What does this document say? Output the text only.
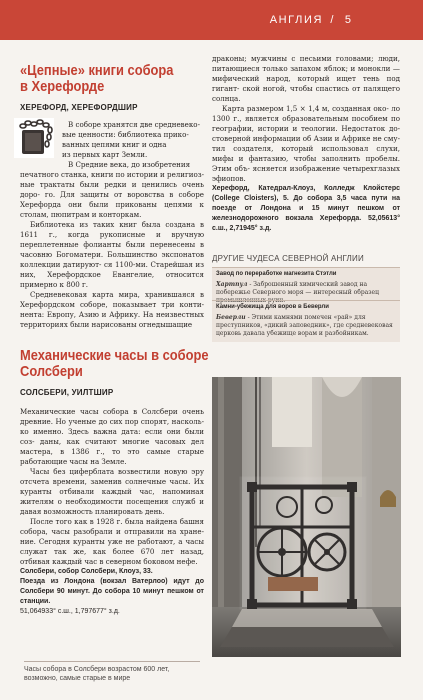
АНГЛИЯ / 5
«Цепные» книги собора
в Херефорде
ХЕРЕФОРД, ХЕРЕФОРДШИР
В соборе хранятся две средневеко-
вые ценности: библиотека прико-
ванных цепями книг и одна
из первых карт Земли.
В Средние века, до изобретения

печатного станка, книги по истории и религиоз- ные трактаты были редки и ценились очень доро- го. Для защиты от воровства в соборе Херефорда они были прикованы цепями к столам, пюпитрам и конторкам.

Библиотека из таких книг была создана в 1611 г., когда рукописные и вручную переплетенные фолианты были перенесены в часовню Богоматери. Большинство экспонатов коллекции датируют- ся 1100-ми. Старейшая из них, Херефордское Евангелие, относится примерно к 800 г.

Средневековая карта мира, хранившаяся в Херефордском соборе, показывает три конти- нента: Европу, Азию и Африку. На неизвестных территориях были нарисованы огнедышащие

драконы; мужчины с песьими головами; люди, питающиеся только запахом яблок; и монокли — мифический народ, который ищет тень под гигант- ской ногой, чтобы спастись от палящего солнца.

Карта размером 1,5 × 1,4 м, созданная око- ло 1300 г., является образовательным пособием по географии, истории и теологии. Недостаток до- стоверной информации об Азии и Африке не сму- тил создателя, который использовал слухи, мифы и фантазию, чтобы заполнить пробелы. Этим объ- ясняется изображение четырехглазых эфиопов.

Херефорд, Катедрал-Клоуз, Колледж Клойстерс (College Cloisters), 5. До собора 3,5 часа пути на поезде от Лондона и 15 минут пешком от железнодорожного вокзала Херефорда. 52,05613° с.ш., 2,71945° з.д.

ДРУГИЕ ЧУДЕСА СЕВЕРНОЙ АНГЛИИ
Завод по переработке магнезита Стэтли
Хартпул - Заброшенный химический завод на побережье Северного моря — интересный образец
Камни-убежища для воров в Беверли
Беверли - Этими камнями помечен «рай» для преступников, «дикий заповедник», где средневековая церковь давала убежище ворам и разбойникам.
Механические часы в соборе
Солсбери
СОЛСБЕРИ, УИЛТШИР

Механические часы собора в Солсбери очень древние. Но ученые до сих пор спорят, насколь- ко именно. Здесь важна дата: если они были соз- даны, как считают многие часовых дел мастера, в 1386 г., то это самые старые работающие часы на Земле.

Часы без циферблата возвестили новую эру отсчета времени, заменив солнечные часы. Их куранты отбивали каждый час, напоминая жителям о необходимости посещения служб и давая возможность планировать день.

После того как в 1928 г. была найдена башня собора, часы разобрали и отправили на хране- ние. Сегодня куранты уже не работают, а часы служат так же, как более 670 лет назад, отбивая каждый час в северном боковом нефе.

Солсбери, собор Солсбери, Клоуз, 33.
Поезда из Лондона (вокзал Ватерлоо) идут до Солсбери 90 минут. До собора 10 минут пешком от станции.
51,064933° с.ш., 1,797677° з.д.
Часы собора в Солсбери возрастом 600 лет, возможно, самые старые в мире
